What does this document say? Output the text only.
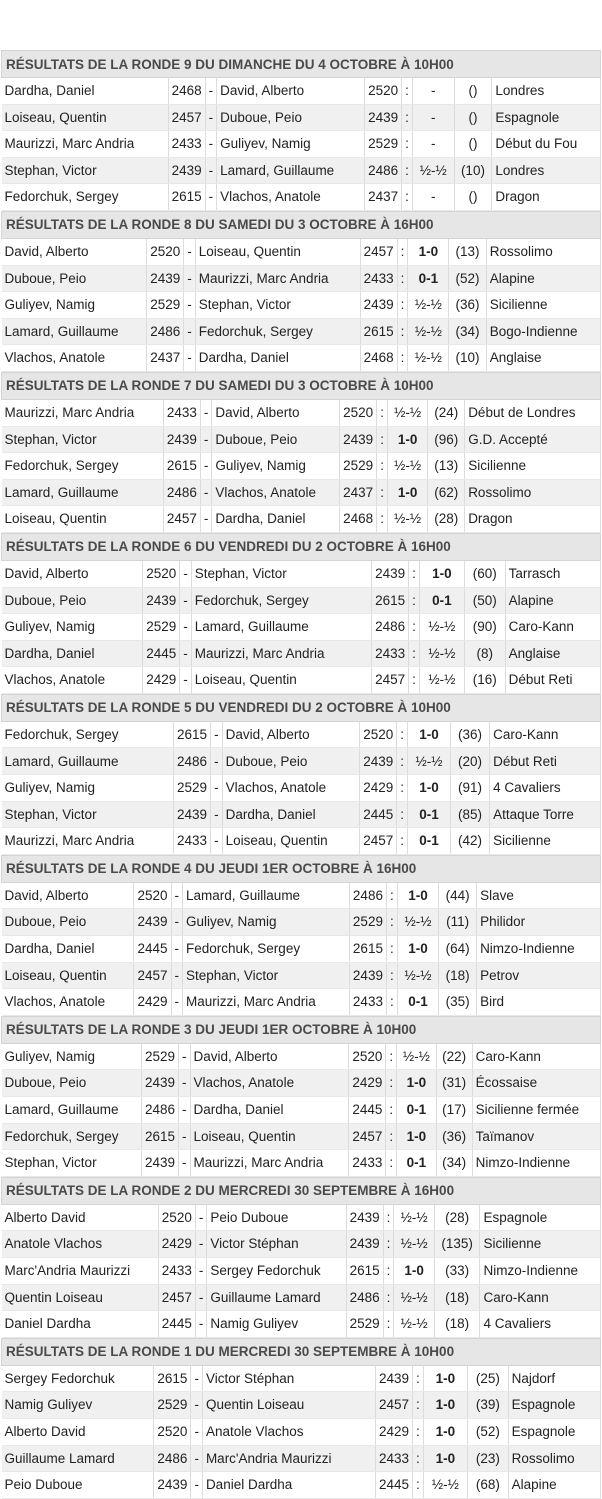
RÉSULTATS DE LA RONDE 9 DU DIMANCHE DU 4 OCTOBRE À 10H00								
Dardha, Daniel	2468	-	David, Alberto	2520	:	-	()	Londres
Loiseau, Quentin	2457	-	Duboue, Peio	2439	:	-	()	Espagnole
Maurizzi, Marc Andria	2433	-	Guliyev, Namig	2529	:	-	()	Début du Fou
Stephan, Victor	2439	-	Lamard, Guillaume	2486	:	½-½	(10)	Londres
Fedorchuk, Sergey	2615	-	Vlachos, Anatole	2437	:	-	()	Dragon
RÉSULTATS DE LA RONDE 8 DU SAMEDI DU 3 OCTOBRE À 16H00								
David, Alberto	2520	-	Loiseau, Quentin	2457	:	1-0	(13)	Rossolimo
Duboue, Peio	2439	-	Maurizzi, Marc Andria	2433	:	0-1	(52)	Alapine
Guliyev, Namig	2529	-	Stephan, Victor	2439	:	½-½	(36)	Sicilienne
Lamard, Guillaume	2486	-	Fedorchuk, Sergey	2615	:	½-½	(34)	Bogo-Indienne
Vlachos, Anatole	2437	-	Dardha, Daniel	2468	:	½-½	(10)	Anglaise
RÉSULTATS DE LA RONDE 7 DU SAMEDI DU 3 OCTOBRE À 10H00								
Maurizzi, Marc Andria	2433	-	David, Alberto	2520	:	½-½	(24)	Début de Londres
Stephan, Victor	2439	-	Duboue, Peio	2439	:	1-0	(96)	G.D. Accepté
Fedorchuk, Sergey	2615	-	Guliyev, Namig	2529	:	½-½	(13)	Sicilienne
Lamard, Guillaume	2486	-	Vlachos, Anatole	2437	:	1-0	(62)	Rossolimo
Loiseau, Quentin	2457	-	Dardha, Daniel	2468	:	½-½	(28)	Dragon
RÉSULTATS DE LA RONDE 6 DU VENDREDI DU 2 OCTOBRE À 16H00								
David, Alberto	2520	-	Stephan, Victor	2439	:	1-0	(60)	Tarrasch
Duboue, Peio	2439	-	Fedorchuk, Sergey	2615	:	0-1	(50)	Alapine
Guliyev, Namig	2529	-	Lamard, Guillaume	2486	:	½-½	(90)	Caro-Kann
Dardha, Daniel	2445	-	Maurizzi, Marc Andria	2433	:	½-½	(8)	Anglaise
Vlachos, Anatole	2429	-	Loiseau, Quentin	2457	:	½-½	(16)	Début Reti
RÉSULTATS DE LA RONDE 5 DU VENDREDI DU 2 OCTOBRE À 10H00								
Fedorchuk, Sergey	2615	-	David, Alberto	2520	:	1-0	(36)	Caro-Kann
Lamard, Guillaume	2486	-	Duboue, Peio	2439	:	½-½	(20)	Début Reti
Guliyev, Namig	2529	-	Vlachos, Anatole	2429	:	1-0	(91)	4 Cavaliers
Stephan, Victor	2439	-	Dardha, Daniel	2445	:	0-1	(85)	Attaque Torre
Maurizzi, Marc Andria	2433	-	Loiseau, Quentin	2457	:	0-1	(42)	Sicilienne
RÉSULTATS DE LA RONDE 4 DU JEUDI 1ER OCTOBRE À 16H00								
David, Alberto	2520	-	Lamard, Guillaume	2486	:	1-0	(44)	Slave
Duboue, Peio	2439	-	Guliyev, Namig	2529	:	½-½	(11)	Philidor
Dardha, Daniel	2445	-	Fedorchuk, Sergey	2615	:	1-0	(64)	Nimzo-Indienne
Loiseau, Quentin	2457	-	Stephan, Victor	2439	:	½-½	(18)	Petrov
Vlachos, Anatole	2429	-	Maurizzi, Marc Andria	2433	:	0-1	(35)	Bird
RÉSULTATS DE LA RONDE 3 DU JEUDI 1ER OCTOBRE À 10H00								
Guliyev, Namig	2529	-	David, Alberto	2520	:	½-½	(22)	Caro-Kann
Duboue, Peio	2439	-	Vlachos, Anatole	2429	:	1-0	(31)	Écossaise
Lamard, Guillaume	2486	-	Dardha, Daniel	2445	:	0-1	(17)	Sicilienne fermée
Fedorchuk, Sergey	2615	-	Loiseau, Quentin	2457	:	1-0	(36)	Taïmanov
Stephan, Victor	2439	-	Maurizzi, Marc Andria	2433	:	0-1	(34)	Nimzo-Indienne
RÉSULTATS DE LA RONDE 2 DU MERCREDI 30 SEPTEMBRE À 16H00								
Alberto David	2520	-	Peio Duboue	2439	:	½-½	(28)	Espagnole
Anatole Vlachos	2429	-	Victor Stéphan	2439	:	½-½	(135)	Sicilienne
Marc'Andria Maurizzi	2433	-	Sergey Fedorchuk	2615	:	1-0	(33)	Nimzo-Indienne
Quentin Loiseau	2457	-	Guillaume Lamard	2486	:	½-½	(18)	Caro-Kann
Daniel Dardha	2445	-	Namig Guliyev	2529	:	½-½	(18)	4 Cavaliers
RÉSULTATS DE LA RONDE 1 DU MERCREDI 30 SEPTEMBRE À 10H00								
Sergey Fedorchuk	2615	-	Victor Stéphan	2439	:	1-0	(25)	Najdorf
Namig Guliyev	2529	-	Quentin Loiseau	2457	:	1-0	(39)	Espagnole
Alberto David	2520	-	Anatole Vlachos	2429	:	1-0	(52)	Espagnole
Guillaume Lamard	2486	-	Marc'Andria Maurizzi	2433	:	1-0	(23)	Rossolimo
Peio Duboue	2439	-	Daniel Dardha	2445	:	½-½	(68)	Alapine
